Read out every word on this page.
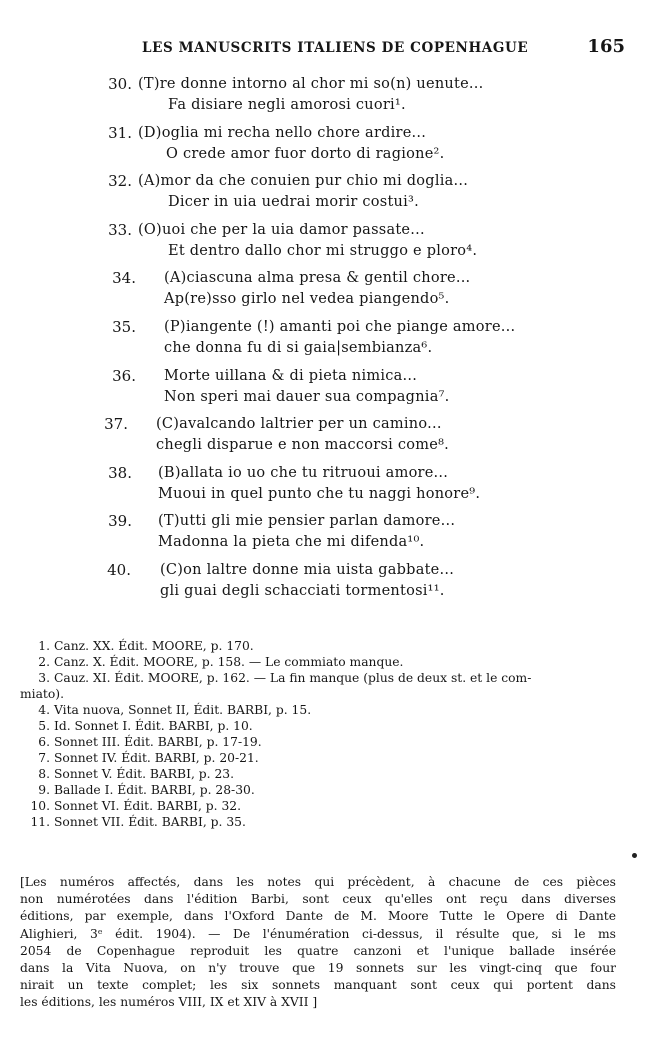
LES MANUSCRITS ITALIENS DE COPENHAGUE	165
30. (T)re donne intorno al chor mi so(n) uenute...
Fa disiare negli amorosi cuori¹.
31. (D)oglia mi recha nello chore ardire...
O crede amor fuor dorto di ragione².
32. (A)mor da che conuien pur chio mi doglia...
Dicer in uia uedrai morir costui³.
33. (O)uoi che per la uia damor passate...
Et dentro dallo chor mi struggo e ploro⁴.
34. (A)ciascuna alma presa & gentil chore...
Ap(re)sso girlo nel vedea piangendo⁵.
35. (P)iangente (!) amanti poi che piange amore...
che donna fu di si gaia|sembianza⁶.
36. Morte uillana & di pieta nimica...
Non speri mai dauer sua compagnia⁷.
37. (C)avalcando laltrier per un camino...
chegli disparue e non maccorsi come⁸.
38. (B)allata io uo che tu ritruoui amore...
Muoui in quel punto che tu naggi honore⁹.
39. (T)utti gli mie pensier parlan damore...
Madonna la pieta che mi difenda¹⁰.
40. (C)on laltre donne mia uista gabbate...
gli guai degli schacciati tormentosi¹¹.
1. Canz. XX. Édit. MOORE, p. 170.
2. Canz. X. Édit. MOORE, p. 158. — Le commiato manque.
3. Cauz. XI. Édit. MOORE, p. 162. — La fin manque (plus de deux st. et le com-
miato).
4. Vita nuova, Sonnet II, Édit. BARBI, p. 15.
5. Id. Sonnet I. Édit. BARBI, p. 10.
6. Sonnet III. Édit. BARBI, p. 17-19.
7. Sonnet IV. Édit. BARBI, p. 20-21.
8. Sonnet V. Édit. BARBI, p. 23.
9. Ballade I. Édit. BARBI, p. 28-30.
10. Sonnet VI. Édit. BARBI, p. 32.
11. Sonnet VII. Édit. BARBI, p. 35.
[Les numéros affectés, dans les notes qui précèdent, à chacune de ces pièces
non numérotées dans l'édition Barbi, sont ceux qu'elles ont reçu dans diverses
éditions, par exemple, dans l'Oxford Dante de M. Moore Tutte le Opere di Dante
Alighieri, 3ᵉ édit. 1904). — De l'énumération ci-dessus, il résulte que, si le ms
2054 de Copenhague reproduit les quatre canzoni et l'unique ballade insérée
dans la Vita Nuova, on n'y trouve que 19 sonnets sur les vingt-cinq que four
nirait un texte complet; les six sonnets manquant sont ceux qui portent dans
les éditions, les numéros VIII, IX et XIV à XVII ]
